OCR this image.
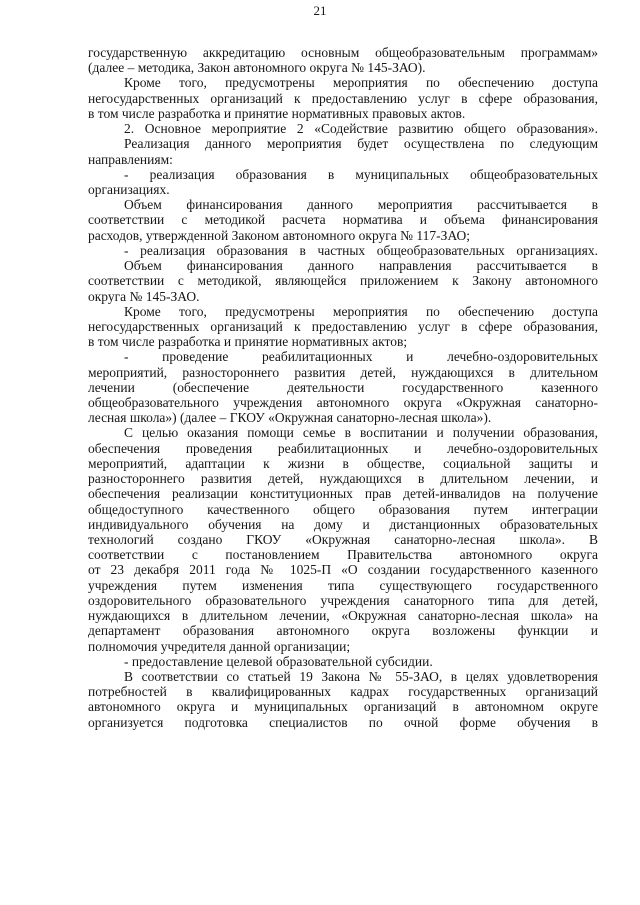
21
государственную аккредитацию основным общеобразовательным программам»
(далее – методика, Закон автономного округа № 145-ЗАО).
Кроме того, предусмотрены мероприятия по обеспечению доступа
негосударственных организаций к предоставлению услуг в сфере образования,
в том числе разработка и принятие нормативных правовых актов.
2. Основное мероприятие 2 «Содействие развитию общего образования».
Реализация данного мероприятия будет осуществлена по следующим
направлениям:
- реализация образования в муниципальных общеобразовательных
организациях.
Объем финансирования данного мероприятия рассчитывается в
соответствии с методикой расчета норматива и объема финансирования
расходов, утвержденной Законом автономного округа № 117-ЗАО;
- реализация образования в частных общеобразовательных организациях.
Объем финансирования данного направления рассчитывается в
соответствии с методикой, являющейся приложением к Закону автономного
округа № 145-ЗАО.
Кроме того, предусмотрены мероприятия по обеспечению доступа
негосударственных организаций к предоставлению услуг в сфере образования,
в том числе разработка и принятие нормативных актов;
- проведение реабилитационных и лечебно-оздоровительных
мероприятий, разностороннего развития детей, нуждающихся в длительном
лечении (обеспечение деятельности государственного казенного
общеобразовательного учреждения автономного округа «Окружная санаторно-
лесная школа») (далее – ГКОУ «Окружная санаторно-лесная школа»).
С целью оказания помощи семье в воспитании и получении образования,
обеспечения проведения реабилитационных и лечебно-оздоровительных
мероприятий, адаптации к жизни в обществе, социальной защиты и
разностороннего развития детей, нуждающихся в длительном лечении, и
обеспечения реализации конституционных прав детей-инвалидов на получение
общедоступного качественного общего образования путем интеграции
индивидуального обучения на дому и дистанционных образовательных
технологий создано ГКОУ «Окружная санаторно-лесная школа». В
соответствии с постановлением Правительства автономного округа
от 23 декабря 2011 года № 1025-П «О создании государственного казенного
учреждения путем изменения типа существующего государственного
оздоровительного образовательного учреждения санаторного типа для детей,
нуждающихся в длительном лечении, «Окружная санаторно-лесная школа» на
департамент образования автономного округа возложены функции и
полномочия учредителя данной организации;
- предоставление целевой образовательной субсидии.
В соответствии со статьей 19 Закона № 55-ЗАО, в целях удовлетворения
потребностей в квалифицированных кадрах государственных организаций
автономного округа и муниципальных организаций в автономном округе
организуется подготовка специалистов по очной форме обучения в
